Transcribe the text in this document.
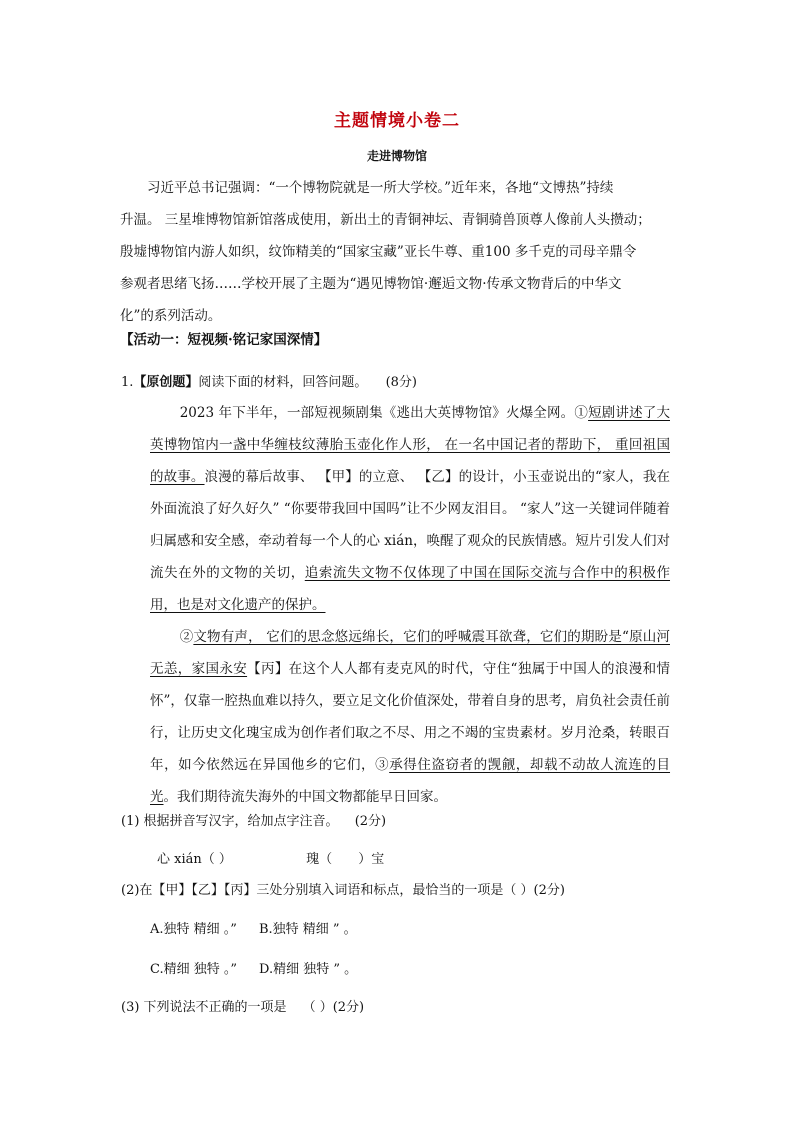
主题情境小卷二
走进博物馆
习近平总书记强调：“一个博物院就是一所大学校。”近年来，各地“文博热”持续
升温。 三星堆博物馆新馆落成使用，新出土的青铜神坛、青铜骑兽顶尊人像前人头攒动；
殷墟博物馆内游人如织，纹饰精美的“国家宝藏”亚长牛尊、重100 多千克的司母辛鼎令
参观者思绪飞扬……学校开展了主题为“遇见博物馆·邂逅文物·传承文物背后的中华文
化”的系列活动。
【活动一：短视频·铭记家国深情】
1.【原创题】阅读下面的材料，回答问题。 (8分)

2023 年下半年，一部短视频剧集《逃出大英博物馆》火爆全网。①短剧讲述了大英博物馆内一盏中华缠枝纹薄胎玉壶化作人形， 在一名中国记者的帮助下， 重回祖国的故事。浪漫的幕后故事、 【甲】的立意、 【乙】的设计，小玉壶说出的“家人，我在外面流浪了好久好久” “你要带我回中国吗”让不少网友泪目。 “家人”这一关键词伴随着归属感和安全感，牵动着每一个人的心 xián，唤醒了观众的民族情感。短片引发人们对流失在外的文物的关切，追索流失文物不仅体现了中国在国际交流与合作中的积极作用，也是对文化遗产的保护。

②文物有声， 它们的思念悠远绵长，它们的呼喊震耳欲聋，它们的期盼是“原山河无恙，家国永安【丙】在这个人人都有麦克风的时代，守住“独属于中国人的浪漫和情怀”，仅靠一腔热血难以持久，要立足文化价值深处，带着自身的思考，肩负社会责任前行，让历史文化瑰宝成为创作者们取之不尽、用之不竭的宝贵素材。岁月沧桑，转眼百年，如今依然远在异国他乡的它们，③承得住盗窃者的觊觎，却载不动故人流连的目光。我们期待流失海外的中国文物都能早日回家。

(1) 根据拼音写汉字，给加点字注音。 (2分)
心 xián（ ）	瑰（ ）宝
(2)在【甲】【乙】【丙】三处分别填入词语和标点，最恰当的一项是（ ）(2分)
A.独特 精细 。” B.独特 精细 ” 。
C.精细 独特 。” D.精细 独特 ” 。
(3) 下列说法不正确的一项是 （ ）(2分)
